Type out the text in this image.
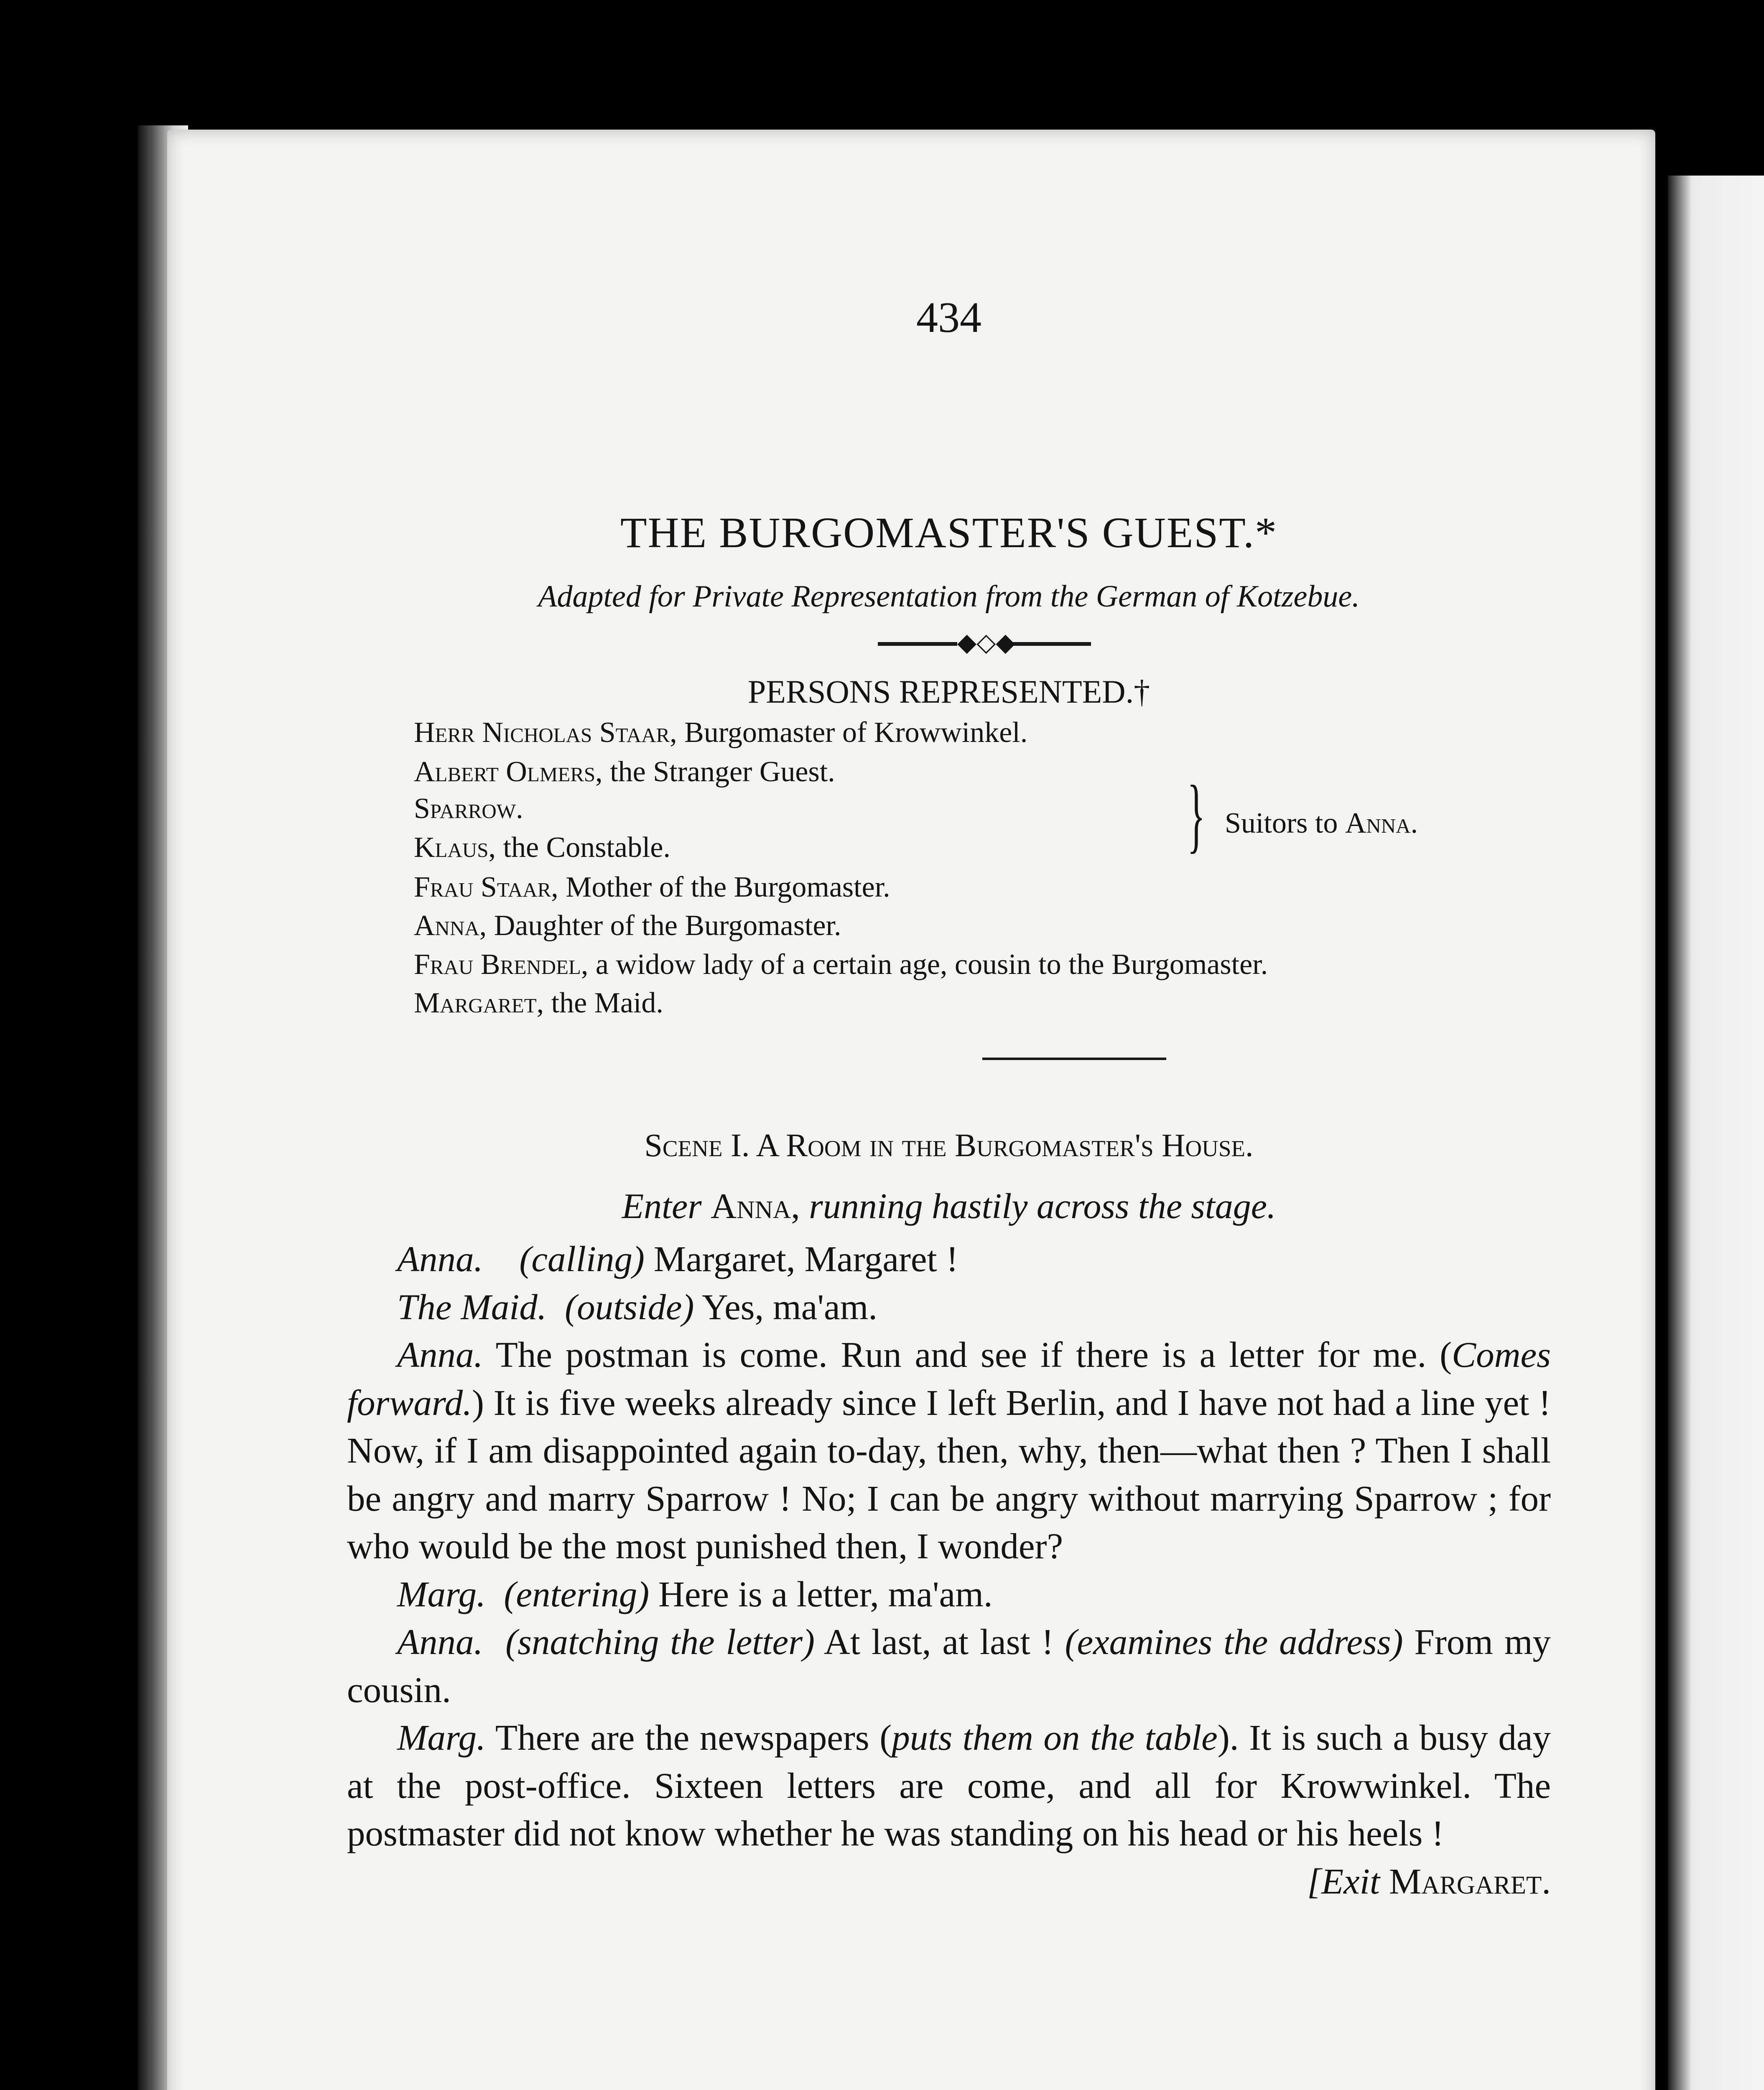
434
THE BURGOMASTER'S GUEST.*
Adapted for Private Representation from the German of Kotzebue.
◆◇◆
PERSONS REPRESENTED.†
Herr Nicholas Staar, Burgomaster of Krowwinkel.
Albert Olmers, the Stranger Guest.
Sparrow.
Klaus, the Constable.
Frau Staar, Mother of the Burgomaster.
Anna, Daughter of the Burgomaster.
Frau Brendel, a widow lady of a certain age, cousin to the Burgomaster.
Margaret, the Maid.
} Suitors to Anna.
Scene I. A Room in the Burgomaster's House.
Enter Anna, running hastily across the stage.

Anna. (calling) Margaret, Margaret !

The Maid. (outside) Yes, ma'am.

Anna. The postman is come. Run and see if there is a letter for me. (Comes forward.) It is five weeks already since I left Berlin, and I have not had a line yet ! Now, if I am disappointed again to-day, then, why, then—what then ? Then I shall be angry and marry Sparrow ! No; I can be angry without marrying Sparrow ; for who would be the most punished then, I wonder?

Marg. (entering) Here is a letter, ma'am.

Anna. (snatching the letter) At last, at last ! (examines the address) From my cousin.

Marg. There are the newspapers (puts them on the table). It is such a busy day at the post-office. Sixteen letters are come, and all for Krowwinkel. The postmaster did not know whether he was standing on his head or his heels !
[Exit Margaret.
